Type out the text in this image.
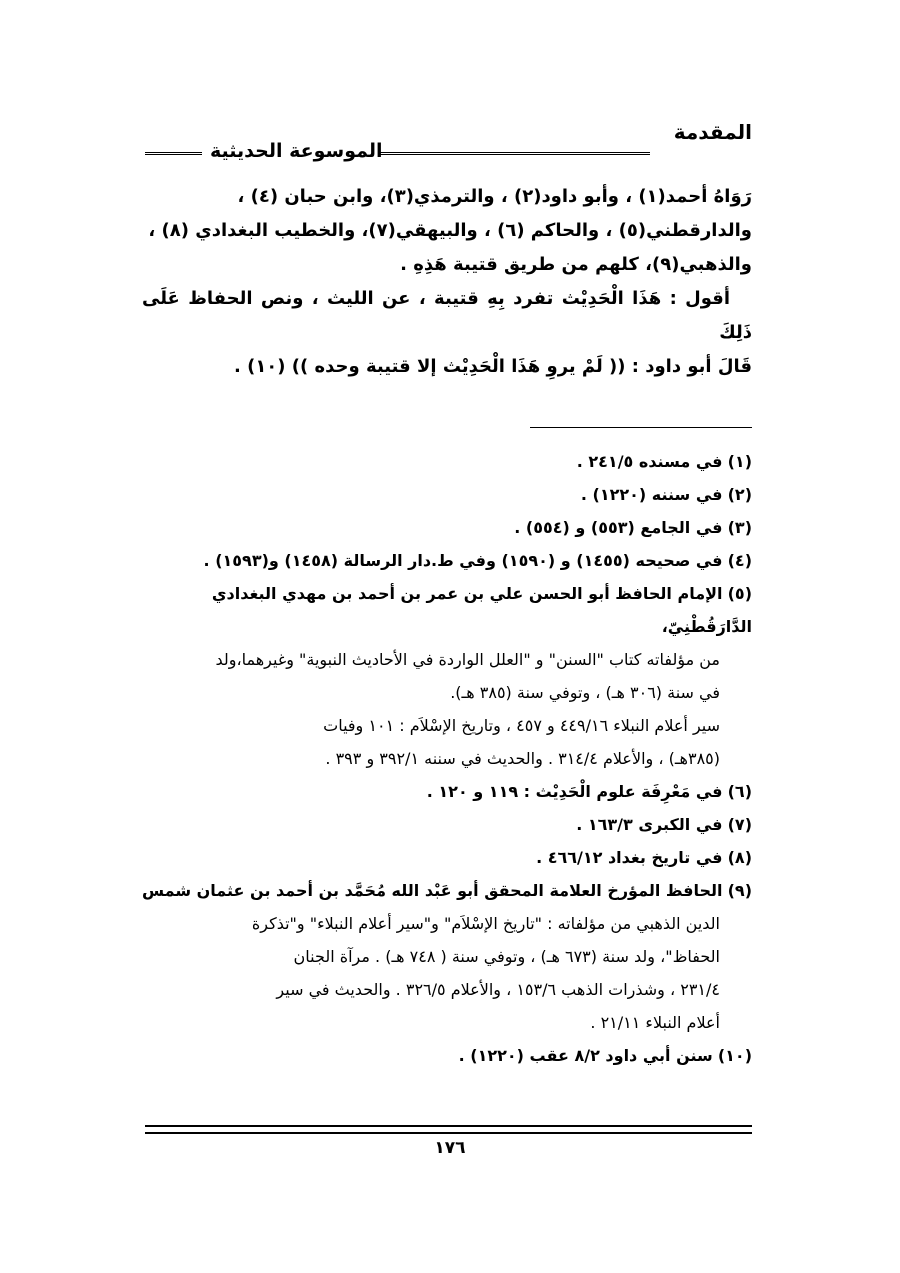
المقدمة
الموسوعة الحديثية

رَوَاهُ أحمد(١) ، وأبو داود(٢) ، والترمذي(٣)، وابن حبان (٤) ،

والدارقطني(٥) ، والحاكم (٦) ، والبيهقي(٧)، والخطيب البغدادي (٨) ،

والذهبي(٩)، كلهم من طريق قتيبة هَذِهِ .

أقول : هَذَا الْحَدِيْث تفرد بِهِ قتيبة ، عن الليث ، ونص الحفاظ عَلَى ذَلِكَ

قَالَ أبو داود : (( لَمْ يروِ هَذَا الْحَدِيْث إلا قتيبة وحده )) (١٠) .

(١) في مسنده ٢٤١/٥ .

(٢) في سننه (١٢٢٠) .

(٣) في الجامع (٥٥٣) و (٥٥٤) .

(٤) في صحيحه (١٤٥٥) و (١٥٩٠) وفي ط.دار الرسالة (١٤٥٨) و(١٥٩٣) .

(٥) الإمام الحافظ أبو الحسن علي بن عمر بن أحمد بن مهدي البغدادي الدَّارَقُطْنِيّ،

من مؤلفاته كتاب "السنن" و "العلل الواردة في الأحاديث النبوية" وغيرهما،ولد

في سنة (٣٠٦ هـ) ، وتوفي سنة (٣٨٥ هـ).

سير أعلام النبلاء ٤٤٩/١٦ و ٤٥٧ ، وتاريخ الإسْلاَم : ١٠١ وفيات

(٣٨٥هـ) ، والأعلام ٣١٤/٤ . والحديث في سننه ٣٩٢/١ و ٣٩٣ .

(٦) في مَعْرِفَة علوم الْحَدِيْث : ١١٩ و ١٢٠ .

(٧) في الكبرى ١٦٣/٣ .

(٨) في تاريخ بغداد ٤٦٦/١٢ .

(٩) الحافظ المؤرخ العلامة المحقق أبو عَبْد الله مُحَمَّد بن أحمد بن عثمان شمس

الدين الذهبي من مؤلفاته : "تاريخ الإسْلاَم" و"سير أعلام النبلاء" و"تذكرة

الحفاظ"، ولد سنة (٦٧٣ هـ) ، وتوفي سنة ( ٧٤٨ هـ) . مرآة الجنان

٢٣١/٤ ، وشذرات الذهب ١٥٣/٦ ، والأعلام ٣٢٦/٥ . والحديث في سير

أعلام النبلاء ٢١/١١ .

(١٠) سنن أبي داود ٨/٢ عقب (١٢٢٠) .

١٧٦
